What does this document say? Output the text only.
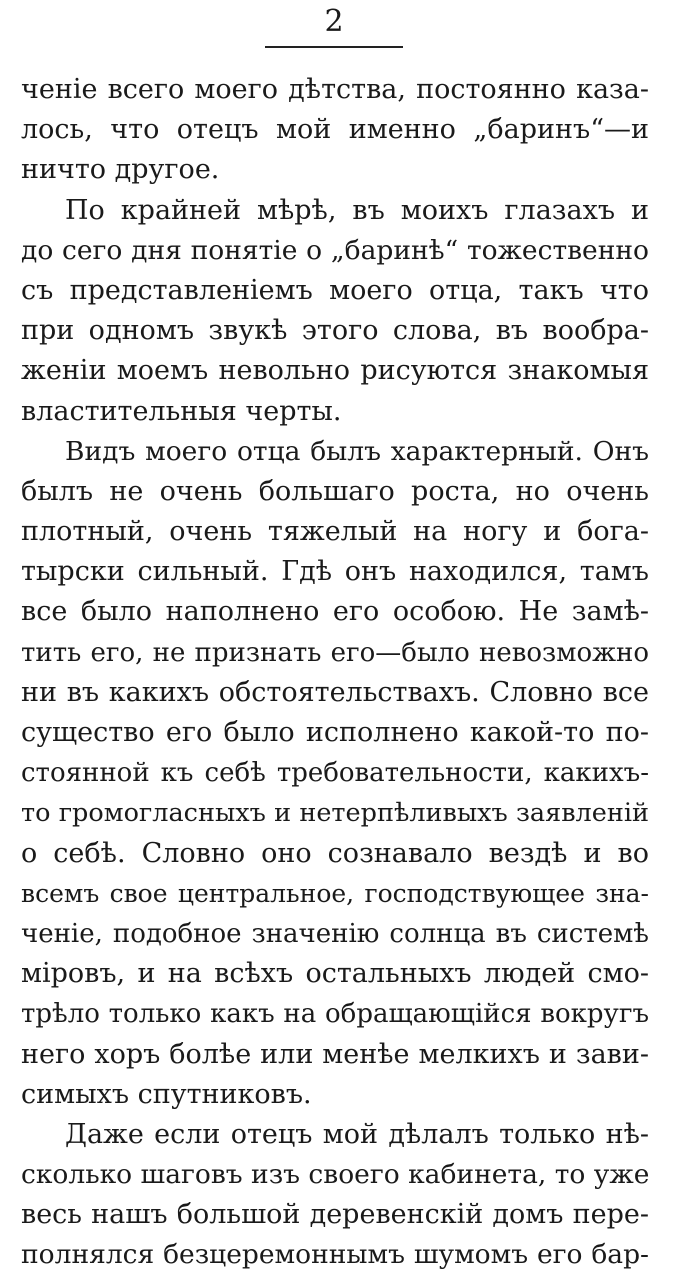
2
ченіе всего моего дѣтства, постоянно каза-
лось, что отецъ мой именно „баринъ“—и
ничто другое.
По крайней мѣрѣ, въ моихъ глазахъ и
до сего дня понятіе о „баринѣ“ тожественно
съ представленіемъ моего отца, такъ что
при одномъ звукѣ этого слова, въ вообра-
женіи моемъ невольно рисуются знакомыя
властительныя черты.
Видъ моего отца былъ характерный. Онъ
былъ не очень большаго роста, но очень
плотный, очень тяжелый на ногу и бога-
тырски сильный. Гдѣ онъ находился, тамъ
все было наполнено его особою. Не замѣ-
тить его, не признать его—было невозможно
ни въ какихъ обстоятельствахъ. Словно все
существо его было исполнено какой-то по-
стоянной къ себѣ требовательности, какихъ-
то громогласныхъ и нетерпѣливыхъ заявленій
о себѣ. Словно оно сознавало вездѣ и во
всемъ свое центральное, господствующее зна-
ченіе, подобное значенію солнца въ системѣ
міровъ, и на всѣхъ остальныхъ людей смо-
трѣло только какъ на обращающійся вокругъ
него хоръ болѣе или менѣе мелкихъ и зави-
симыхъ спутниковъ.
Даже если отецъ мой дѣлалъ только нѣ-
сколько шаговъ изъ своего кабинета, то уже
весь нашъ большой деревенскій домъ пере-
полнялся безцеремоннымъ шумомъ его бар-
